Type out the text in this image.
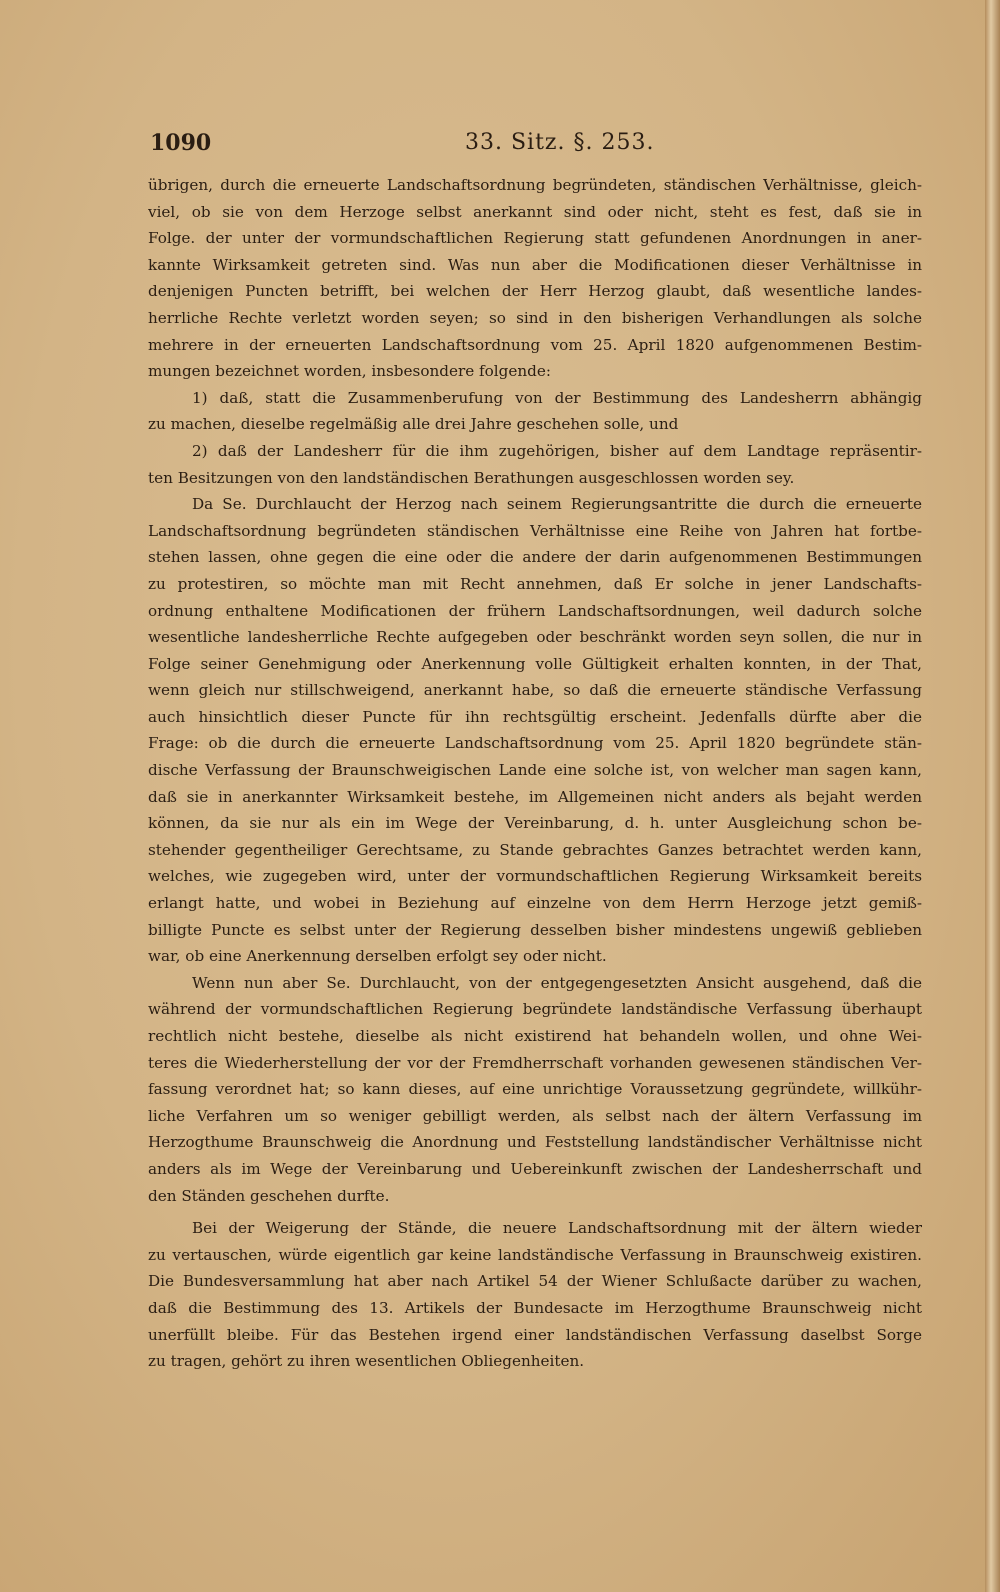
1090	33. Sitz. §. 253.
übrigen, durch die erneuerte Landschaftsordnung begründeten, ständischen Verhältnisse, gleich-
viel, ob sie von dem Herzoge selbst anerkannt sind oder nicht, steht es fest, daß sie in
Folge. der unter der vormundschaftlichen Regierung statt gefundenen Anordnungen in aner-
kannte Wirksamkeit getreten sind. Was nun aber die Modificationen dieser Verhältnisse in
denjenigen Puncten betrifft, bei welchen der Herr Herzog glaubt, daß wesentliche landes-
herrliche Rechte verletzt worden seyen; so sind in den bisherigen Verhandlungen als solche
mehrere in der erneuerten Landschaftsordnung vom 25. April 1820 aufgenommenen Bestim-
mungen bezeichnet worden, insbesondere folgende:
1) daß, statt die Zusammenberufung von der Bestimmung des Landesherrn abhängig
zu machen, dieselbe regelmäßig alle drei Jahre geschehen solle, und
2) daß der Landesherr für die ihm zugehörigen, bisher auf dem Landtage repräsentir-
ten Besitzungen von den landständischen Berathungen ausgeschlossen worden sey.
Da Se. Durchlaucht der Herzog nach seinem Regierungsantritte die durch die erneuerte
Landschaftsordnung begründeten ständischen Verhältnisse eine Reihe von Jahren hat fortbe-
stehen lassen, ohne gegen die eine oder die andere der darin aufgenommenen Bestimmungen
zu protestiren, so möchte man mit Recht annehmen, daß Er solche in jener Landschafts-
ordnung enthaltene Modificationen der frühern Landschaftsordnungen, weil dadurch solche
wesentliche landesherrliche Rechte aufgegeben oder beschränkt worden seyn sollen, die nur in
Folge seiner Genehmigung oder Anerkennung volle Gültigkeit erhalten konnten, in der That,
wenn gleich nur stillschweigend, anerkannt habe, so daß die erneuerte ständische Verfassung
auch hinsichtlich dieser Puncte für ihn rechtsgültig erscheint. Jedenfalls dürfte aber die
Frage: ob die durch die erneuerte Landschaftsordnung vom 25. April 1820 begründete stän-
dische Verfassung der Braunschweigischen Lande eine solche ist, von welcher man sagen kann,
daß sie in anerkannter Wirksamkeit bestehe, im Allgemeinen nicht anders als bejaht werden
können, da sie nur als ein im Wege der Vereinbarung, d. h. unter Ausgleichung schon be-
stehender gegentheiliger Gerechtsame, zu Stande gebrachtes Ganzes betrachtet werden kann,
welches, wie zugegeben wird, unter der vormundschaftlichen Regierung Wirksamkeit bereits
erlangt hatte, und wobei in Beziehung auf einzelne von dem Herrn Herzoge jetzt gemiß-
billigte Puncte es selbst unter der Regierung desselben bisher mindestens ungewiß geblieben
war, ob eine Anerkennung derselben erfolgt sey oder nicht.
Wenn nun aber Se. Durchlaucht, von der entgegengesetzten Ansicht ausgehend, daß die
während der vormundschaftlichen Regierung begründete landständische Verfassung überhaupt
rechtlich nicht bestehe, dieselbe als nicht existirend hat behandeln wollen, und ohne Wei-
teres die Wiederherstellung der vor der Fremdherrschaft vorhanden gewesenen ständischen Ver-
fassung verordnet hat; so kann dieses, auf eine unrichtige Voraussetzung gegründete, willkühr-
liche Verfahren um so weniger gebilligt werden, als selbst nach der ältern Verfassung im
Herzogthume Braunschweig die Anordnung und Feststellung landständischer Verhältnisse nicht
anders als im Wege der Vereinbarung und Uebereinkunft zwischen der Landesherrschaft und
den Ständen geschehen durfte.
Bei der Weigerung der Stände, die neuere Landschaftsordnung mit der ältern wieder
zu vertauschen, würde eigentlich gar keine landständische Verfassung in Braunschweig existiren.
Die Bundesversammlung hat aber nach Artikel 54 der Wiener Schlußacte darüber zu wachen,
daß die Bestimmung des 13. Artikels der Bundesacte im Herzogthume Braunschweig nicht
unerfüllt bleibe. Für das Bestehen irgend einer landständischen Verfassung daselbst Sorge
zu tragen, gehört zu ihren wesentlichen Obliegenheiten.
